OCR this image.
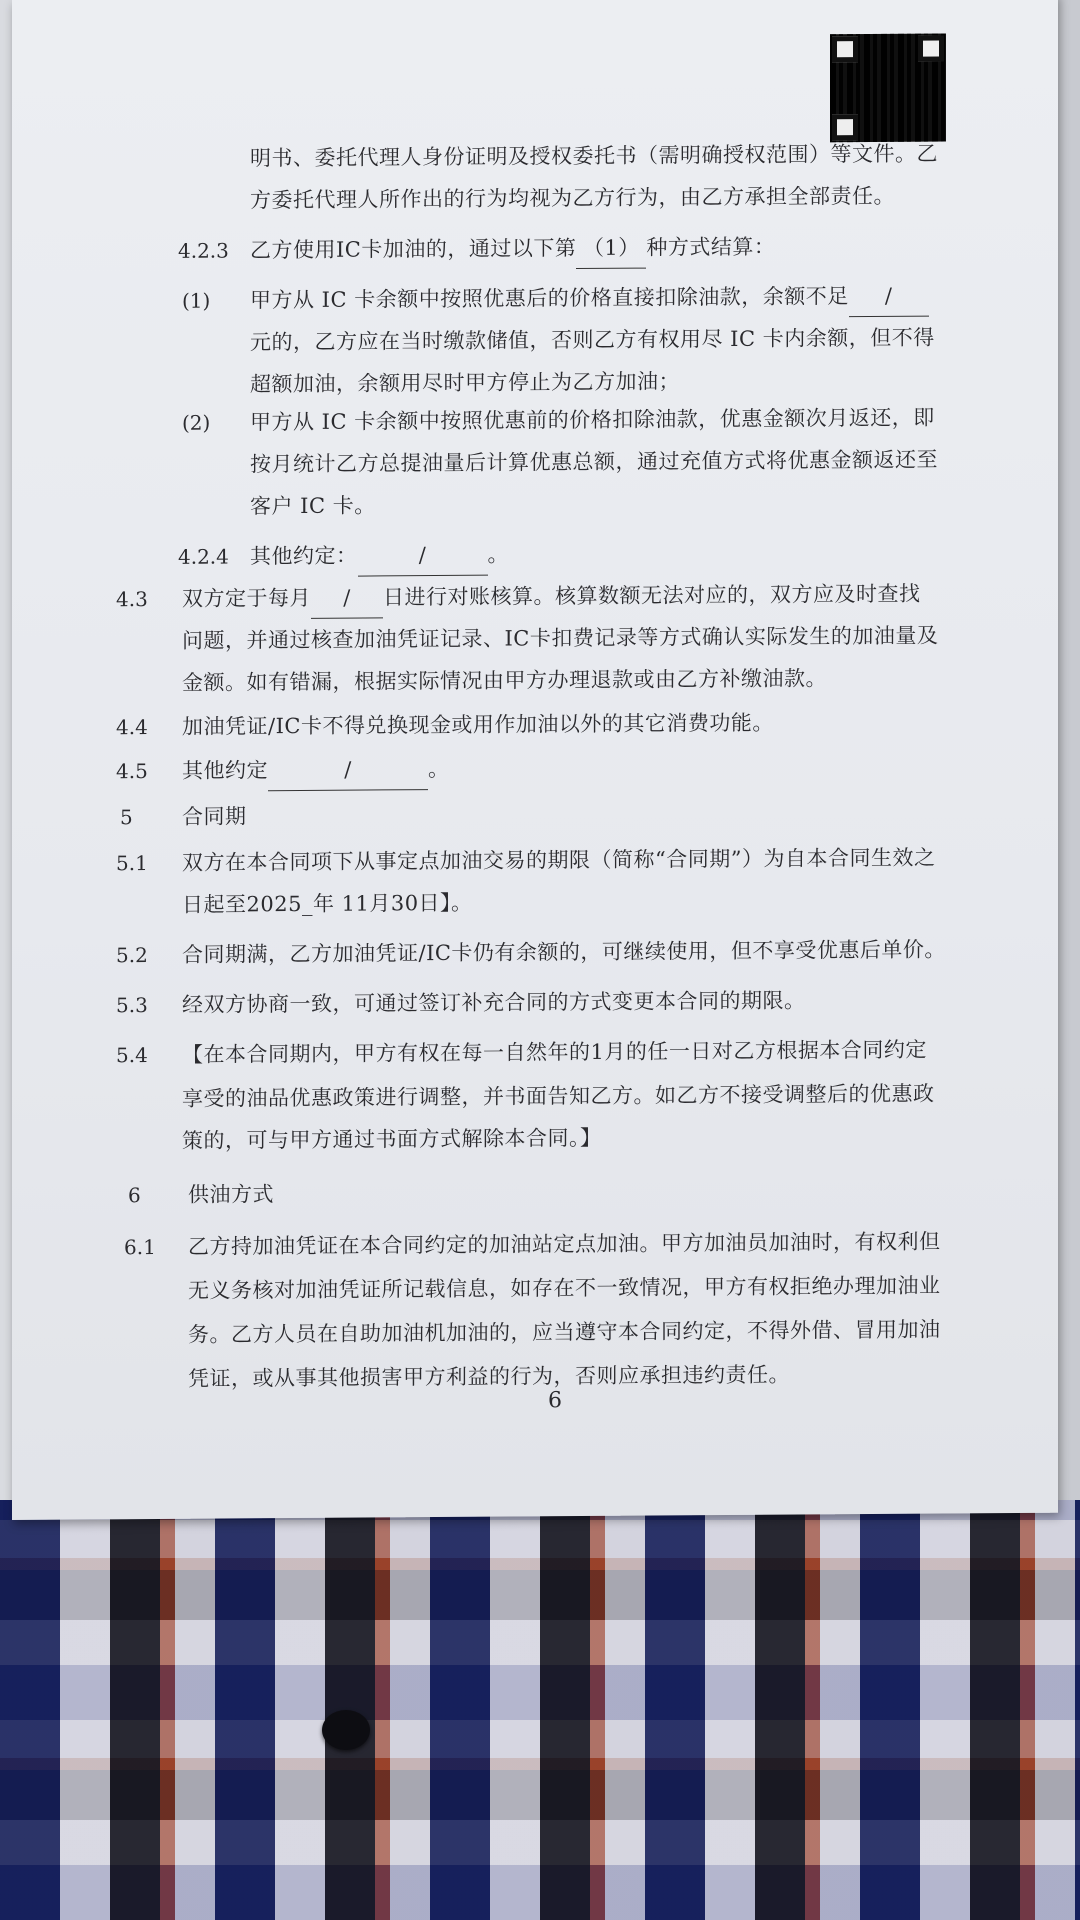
明书、委托代理人身份证明及授权委托书（需明确授权范围）等文件。乙
方委托代理人所作出的行为均视为乙方行为，由乙方承担全部责任。
4.2.3 乙方使用IC卡加油的，通过以下第 （1） 种方式结算：
(1) 甲方从 IC 卡余额中按照优惠后的价格直接扣除油款，余额不足 /
元的，乙方应在当时缴款储值，否则乙方有权用尽 IC 卡内余额，但不得
超额加油，余额用尽时甲方停止为乙方加油；
(2) 甲方从 IC 卡余额中按照优惠前的价格扣除油款，优惠金额次月返还，即
按月统计乙方总提油量后计算优惠总额，通过充值方式将优惠金额返还至
客户 IC 卡。
4.2.4 其他约定：	/	。
4.3 双方定于每月 / 日进行对账核算。核算数额无法对应的，双方应及时查找
问题，并通过核查加油凭证记录、IC卡扣费记录等方式确认实际发生的加油量及
金额。如有错漏，根据实际情况由甲方办理退款或由乙方补缴油款。
4.4 加油凭证/IC卡不得兑换现金或用作加油以外的其它消费功能。
4.5 其他约定	/	。
5 合同期
5.1 双方在本合同项下从事定点加油交易的期限（简称“合同期”）为自本合同生效之
日起至2025_年 11月30日】。
5.2 合同期满，乙方加油凭证/IC卡仍有余额的，可继续使用，但不享受优惠后单价。
5.3 经双方协商一致，可通过签订补充合同的方式变更本合同的期限。
5.4 【在本合同期内，甲方有权在每一自然年的1月的任一日对乙方根据本合同约定
享受的油品优惠政策进行调整，并书面告知乙方。如乙方不接受调整后的优惠政
策的，可与甲方通过书面方式解除本合同。】
6 供油方式
6.1 乙方持加油凭证在本合同约定的加油站定点加油。甲方加油员加油时，有权利但
无义务核对加油凭证所记载信息，如存在不一致情况，甲方有权拒绝办理加油业
务。乙方人员在自助加油机加油的，应当遵守本合同约定，不得外借、冒用加油
凭证，或从事其他损害甲方利益的行为，否则应承担违约责任。
6
